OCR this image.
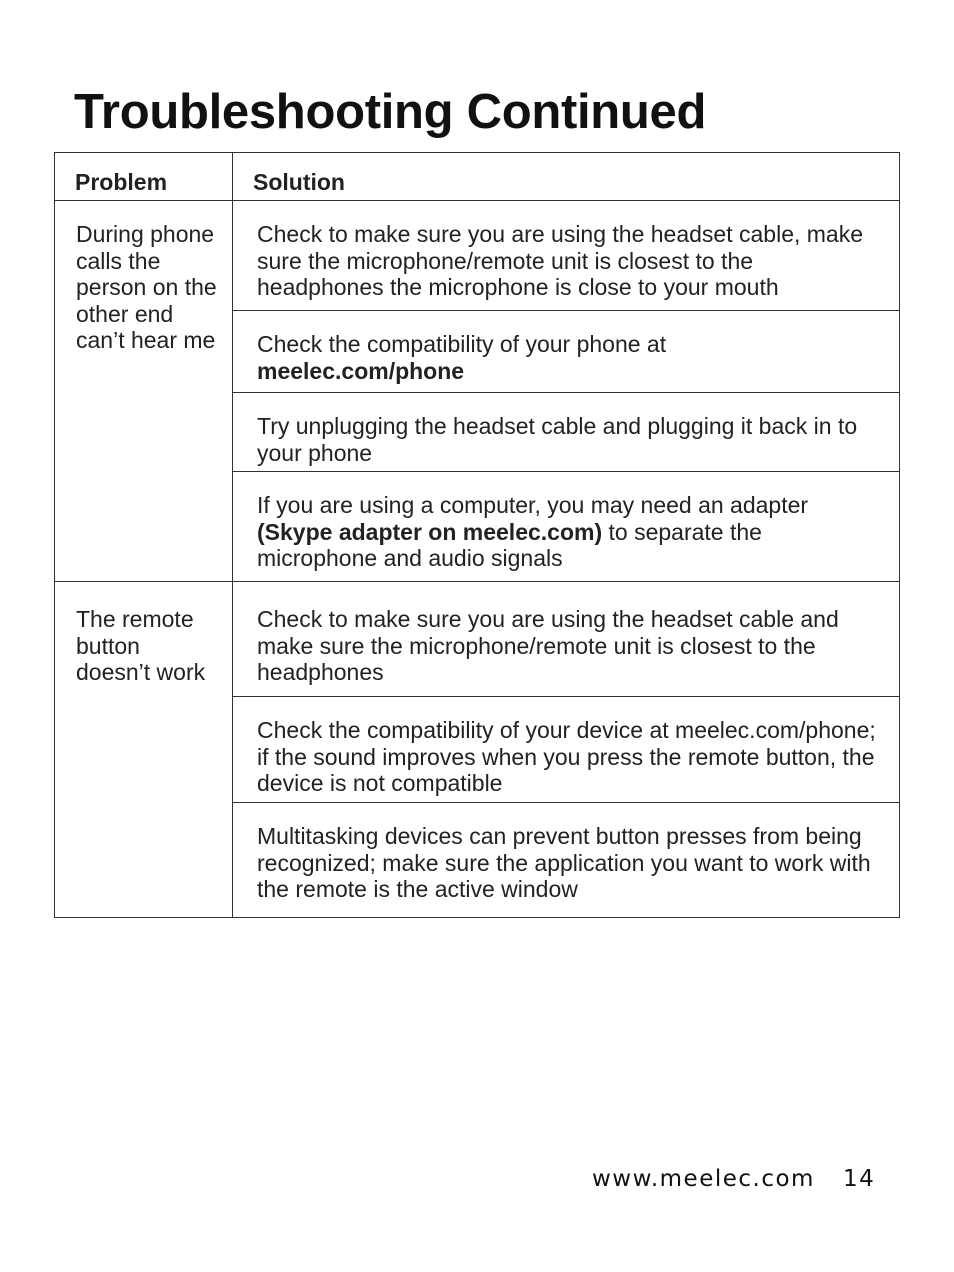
Troubleshooting Continued
Problem	Solution
During phone calls the person on the other end can’t hear me
Check to make sure you are using the headset cable, make sure the microphone/remote unit is closest to the headphones the microphone is close to your mouth
Check the compatibility of your phone at
meelec.com/phone
Try unplugging the headset cable and plugging it back in to your phone
If you are using a computer, you may need an adapter (Skype adapter on meelec.com) to separate the microphone and audio signals
The remote button doesn’t work
Check to make sure you are using the headset cable and make sure the microphone/remote unit is closest to the headphones
Check the compatibility of your device at meelec.com/phone; if the sound improves when you press the remote button, the device is not compatible
Multitasking devices can prevent button presses from being recognized; make sure the application you want to work with the remote is the active window
www.meelec.com 14
